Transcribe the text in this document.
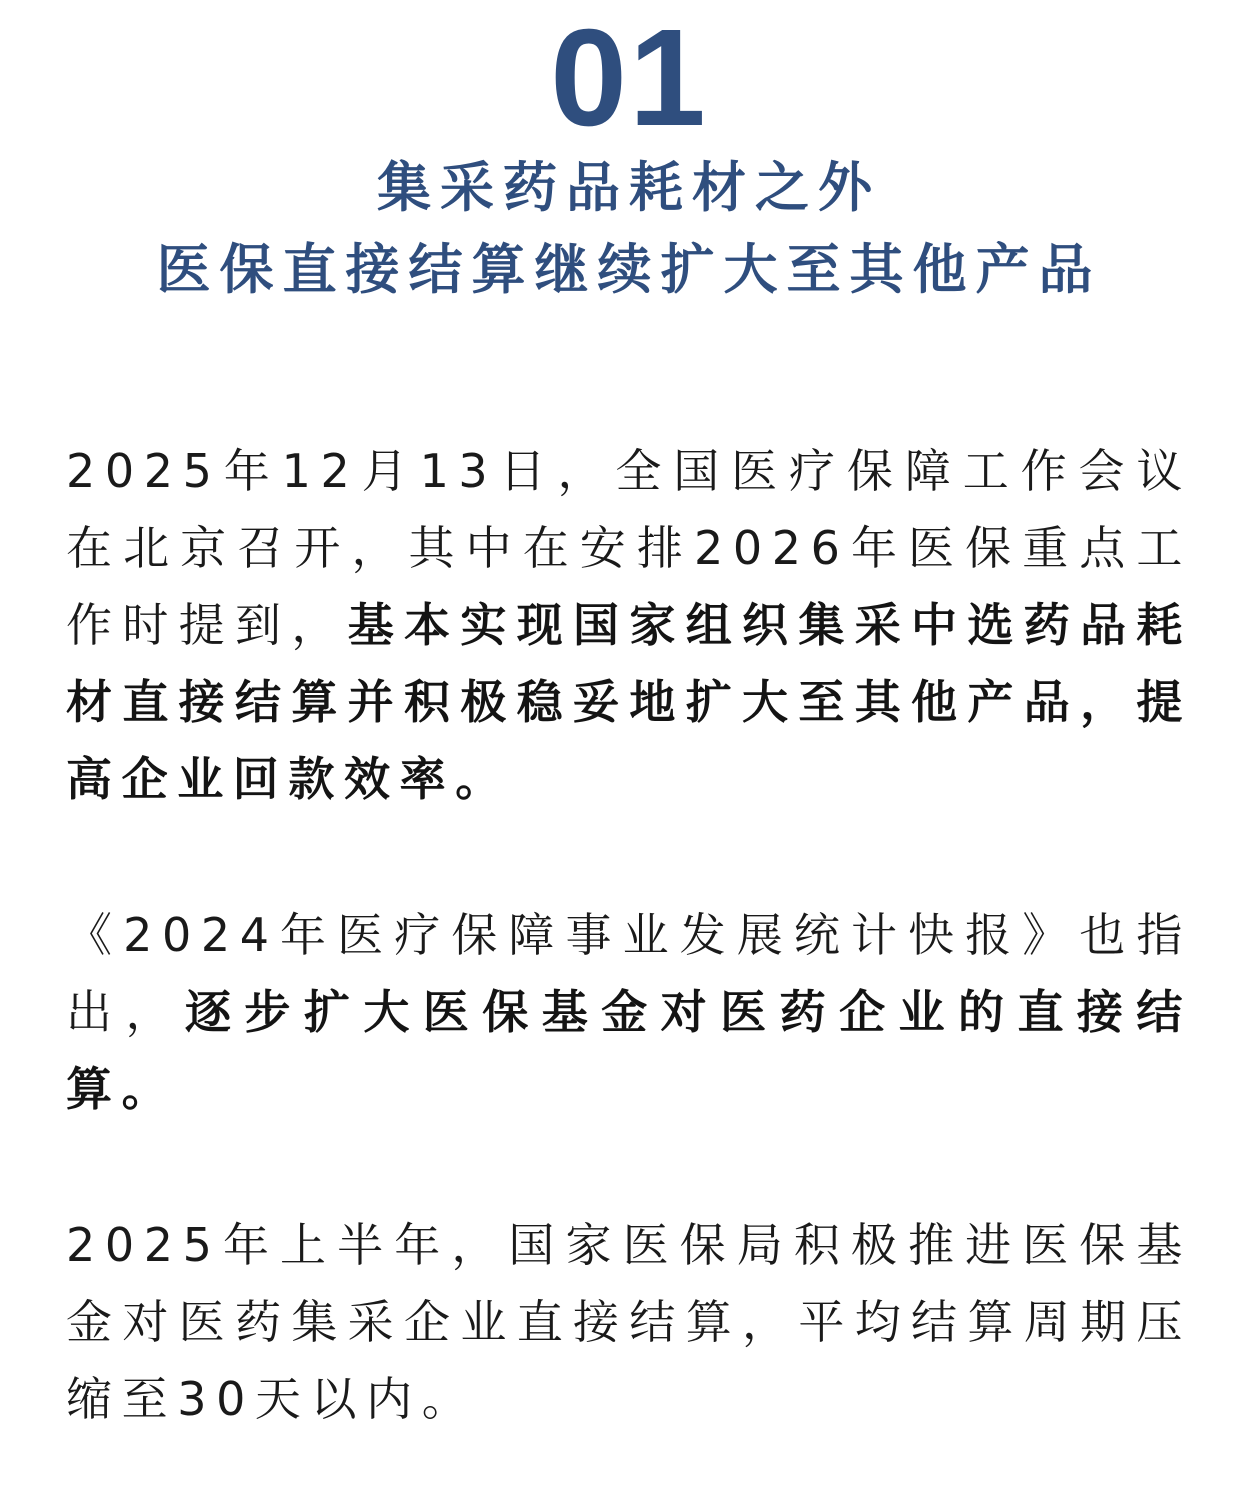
01
集采药品耗材之外
医保直接结算继续扩大至其他产品

2025年12月13日，全国医疗保障工作会议在北京召开，其中在安排2026年医保重点工作时提到，基本实现国家组织集采中选药品耗材直接结算并积极稳妥地扩大至其他产品，提高企业回款效率。

《2024年医疗保障事业发展统计快报》也指出，逐步扩大医保基金对医药企业的直接结算。

2025年上半年，国家医保局积极推进医保基金对医药集采企业直接结算，平均结算周期压缩至30天以内。
